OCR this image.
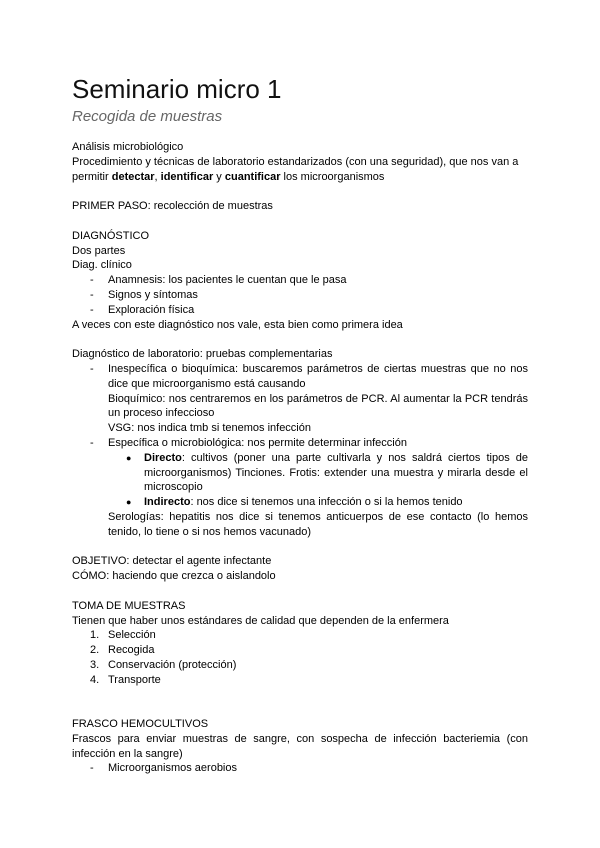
Seminario micro 1
Recogida de muestras

Análisis microbiológico

Procedimiento y técnicas de laboratorio estandarizados (con una seguridad), que nos van a

permitir detectar, identificar y cuantificar los microorganismos

PRIMER PASO: recolección de muestras

DIAGNÓSTICO

Dos partes

Diag. clínico

- Anamnesis: los pacientes le cuentan que le pasa
- Signos y síntomas
- Exploración física

A veces con este diagnóstico nos vale, esta bien como primera idea

Diagnóstico de laboratorio: pruebas complementarias

- Inespecífica o bioquímica: buscaremos parámetros de ciertas muestras que no nos dice que microorganismo está causando

Bioquímico: nos centraremos en los parámetros de PCR. Al aumentar la PCR tendrás un proceso infeccioso

VSG: nos indica tmb si tenemos infección

- Específica o microbiológica: nos permite determinar infección
● Directo: cultivos (poner una parte cultivarla y nos saldrá ciertos tipos de microorganismos) Tinciones. Frotis: extender una muestra y mirarla desde el microscopio
● Indirecto: nos dice si tenemos una infección o si la hemos tenido

Serologías: hepatitis nos dice si tenemos anticuerpos de ese contacto (lo hemos tenido, lo tiene o si nos hemos vacunado)

OBJETIVO: detectar el agente infectante

CÓMO: haciendo que crezca o aislandolo

TOMA DE MUESTRAS

Tienen que haber unos estándares de calidad que dependen de la enfermera

1. Selección
2. Recogida
3. Conservación (protección)
4. Transporte

FRASCO HEMOCULTIVOS

Frascos para enviar muestras de sangre, con sospecha de infección bacteriemia (con infección en la sangre)

- Microorganismos aerobios
